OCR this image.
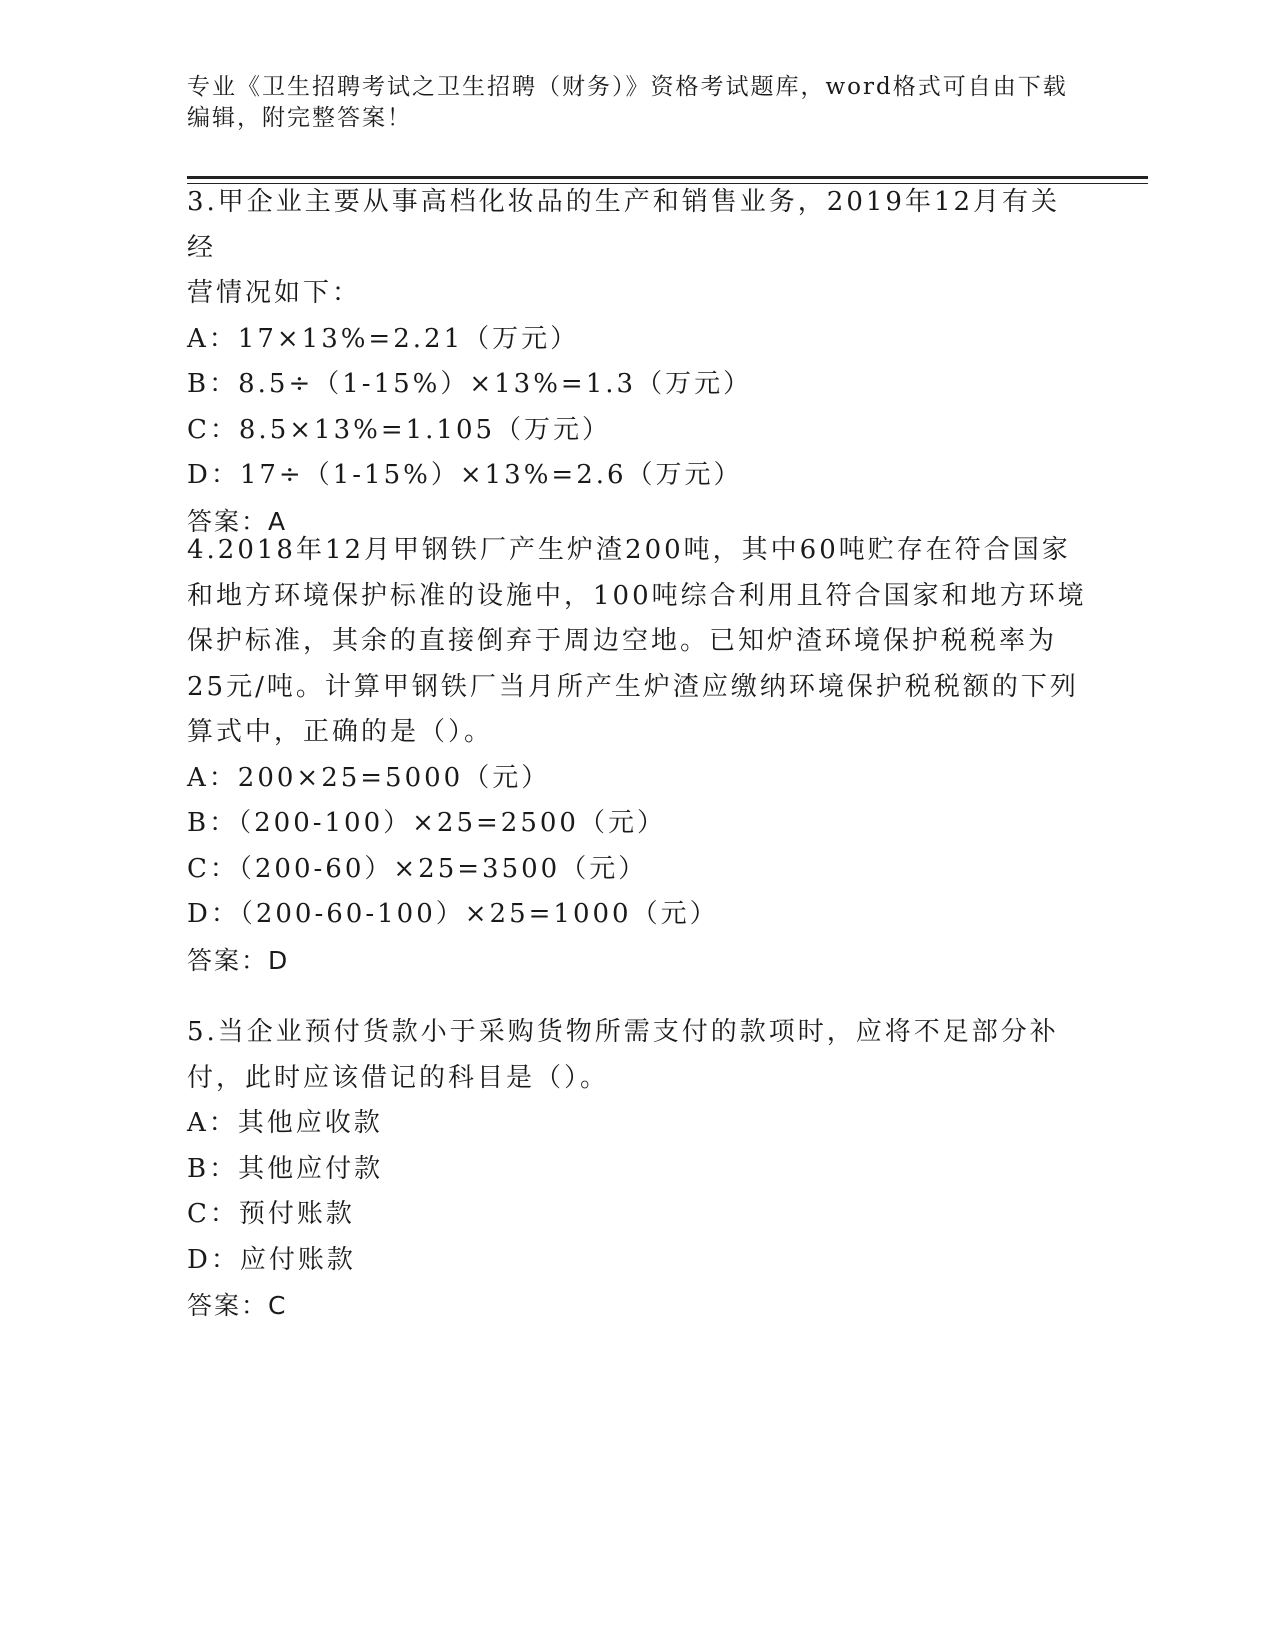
专业《卫生招聘考试之卫生招聘（财务）》资格考试题库，word格式可自由下载
编辑，附完整答案！

3.甲企业主要从事高档化妆品的生产和销售业务，2019年12月有关经

营情况如下：

A：17×13%=2.21（万元）

B：8.5÷（1-15%）×13%=1.3（万元）

C：8.5×13%=1.105（万元）

D：17÷（1-15%）×13%=2.6（万元）

答案：A

4.2018年12月甲钢铁厂产生炉渣200吨，其中60吨贮存在符合国家

和地方环境保护标准的设施中，100吨综合利用且符合国家和地方环境

保护标准，其余的直接倒弃于周边空地。已知炉渣环境保护税税率为

25元/吨。计算甲钢铁厂当月所产生炉渣应缴纳环境保护税税额的下列

算式中，正确的是（）。

A：200×25=5000（元）

B：（200-100）×25=2500（元）

C：（200-60）×25=3500（元）

D：（200-60-100）×25=1000（元）

答案：D

5.当企业预付货款小于采购货物所需支付的款项时，应将不足部分补

付，此时应该借记的科目是（）。

A：其他应收款

B：其他应付款

C：预付账款

D：应付账款

答案：C
